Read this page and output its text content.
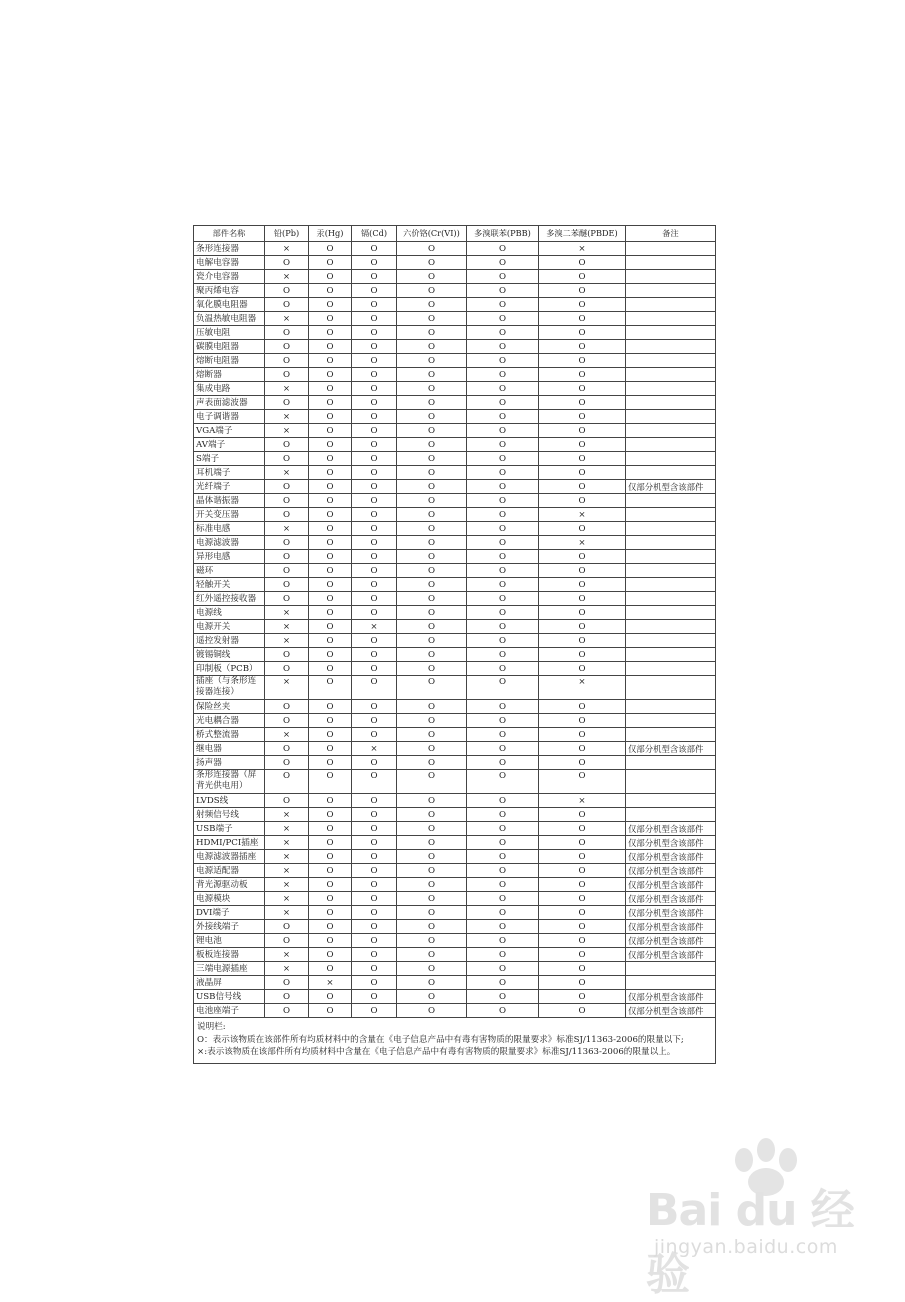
部件名称	铅(Pb)	汞(Hg)	镉(Cd)	六价铬(Cr(VI))	多溴联苯(PBB)	多溴二苯醚(PBDE)	备注
条形连接器	×	O	O	O	O	×	
电解电容器	O	O	O	O	O	O	
瓷介电容器	×	O	O	O	O	O	
聚丙烯电容	O	O	O	O	O	O	
氧化膜电阻器	O	O	O	O	O	O	
负温热敏电阻器	×	O	O	O	O	O	
压敏电阻	O	O	O	O	O	O	
碳膜电阻器	O	O	O	O	O	O	
熔断电阻器	O	O	O	O	O	O	
熔断器	O	O	O	O	O	O	
集成电路	×	O	O	O	O	O	
声表面滤波器	O	O	O	O	O	O	
电子调谐器	×	O	O	O	O	O	
VGA端子	×	O	O	O	O	O	
AV端子	O	O	O	O	O	O	
S端子	O	O	O	O	O	O	
耳机端子	×	O	O	O	O	O	
光纤端子	O	O	O	O	O	O	仅部分机型含该部件
晶体谐振器	O	O	O	O	O	O	
开关变压器	O	O	O	O	O	×	
标准电感	×	O	O	O	O	O	
电源滤波器	O	O	O	O	O	×	
异形电感	O	O	O	O	O	O	
磁环	O	O	O	O	O	O	
轻触开关	O	O	O	O	O	O	
红外遥控接收器	O	O	O	O	O	O	
电源线	×	O	O	O	O	O	
电源开关	×	O	×	O	O	O	
遥控发射器	×	O	O	O	O	O	
镀锡铜线	O	O	O	O	O	O	
印制板（PCB）	O	O	O	O	O	O	
插座（与条形连接器连接）	×	O	O	O	O	×	
保险丝夹	O	O	O	O	O	O	
光电耦合器	O	O	O	O	O	O	
桥式整流器	×	O	O	O	O	O	
继电器	O	O	×	O	O	O	仅部分机型含该部件
扬声器	O	O	O	O	O	O	
条形连接器（屏背光供电用）	O	O	O	O	O	O	
LVDS线	O	O	O	O	O	×	
射频信号线	×	O	O	O	O	O	
USB端子	×	O	O	O	O	O	仅部分机型含该部件
HDMI/PCI插座	×	O	O	O	O	O	仅部分机型含该部件
电源滤波器插座	×	O	O	O	O	O	仅部分机型含该部件
电源适配器	×	O	O	O	O	O	仅部分机型含该部件
背光源驱动板	×	O	O	O	O	O	仅部分机型含该部件
电源模块	×	O	O	O	O	O	仅部分机型含该部件
DVI端子	×	O	O	O	O	O	仅部分机型含该部件
外接线端子	O	O	O	O	O	O	仅部分机型含该部件
锂电池	O	O	O	O	O	O	仅部分机型含该部件
板板连接器	×	O	O	O	O	O	仅部分机型含该部件
三端电源插座	×	O	O	O	O	O	
液晶屏	O	×	O	O	O	O	
USB信号线	O	O	O	O	O	O	仅部分机型含该部件
电池座端子	O	O	O	O	O	O	仅部分机型含该部件

说明栏:
O：表示该物质在该部件所有均质材料中的含量在《电子信息产品中有毒有害物质的限量要求》标准SJ/11363-2006的限量以下;
×:表示该物质在该部件所有均质材料中含量在《电子信息产品中有毒有害物质的限量要求》标准SJ/11363-2006的限量以上。							
Bai du 经验
jingyan.baidu.com
